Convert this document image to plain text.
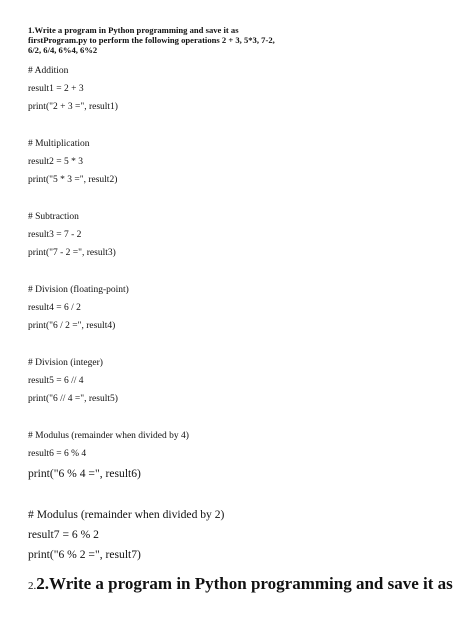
1.Write a program in Python programming and save it as
firstProgram.py to perform the following operations 2 + 3, 5*3, 7-2,
6/2, 6/4, 6%4, 6%2
# Addition
result1 = 2 + 3
print("2 + 3 =", result1)
# Multiplication
result2 = 5 * 3
print("5 * 3 =", result2)
# Subtraction
result3 = 7 - 2
print("7 - 2 =", result3)
# Division (floating-point)
result4 = 6 / 2
print("6 / 2 =", result4)
# Division (integer)
result5 = 6 // 4
print("6 // 4 =", result5)
# Modulus (remainder when divided by 4)
result6 = 6 % 4
print("6 % 4 =", result6)
# Modulus (remainder when divided by 2)
result7 = 6 % 2
print("6 % 2 =", result7)
2.2.Write a program in Python programming and save it as
